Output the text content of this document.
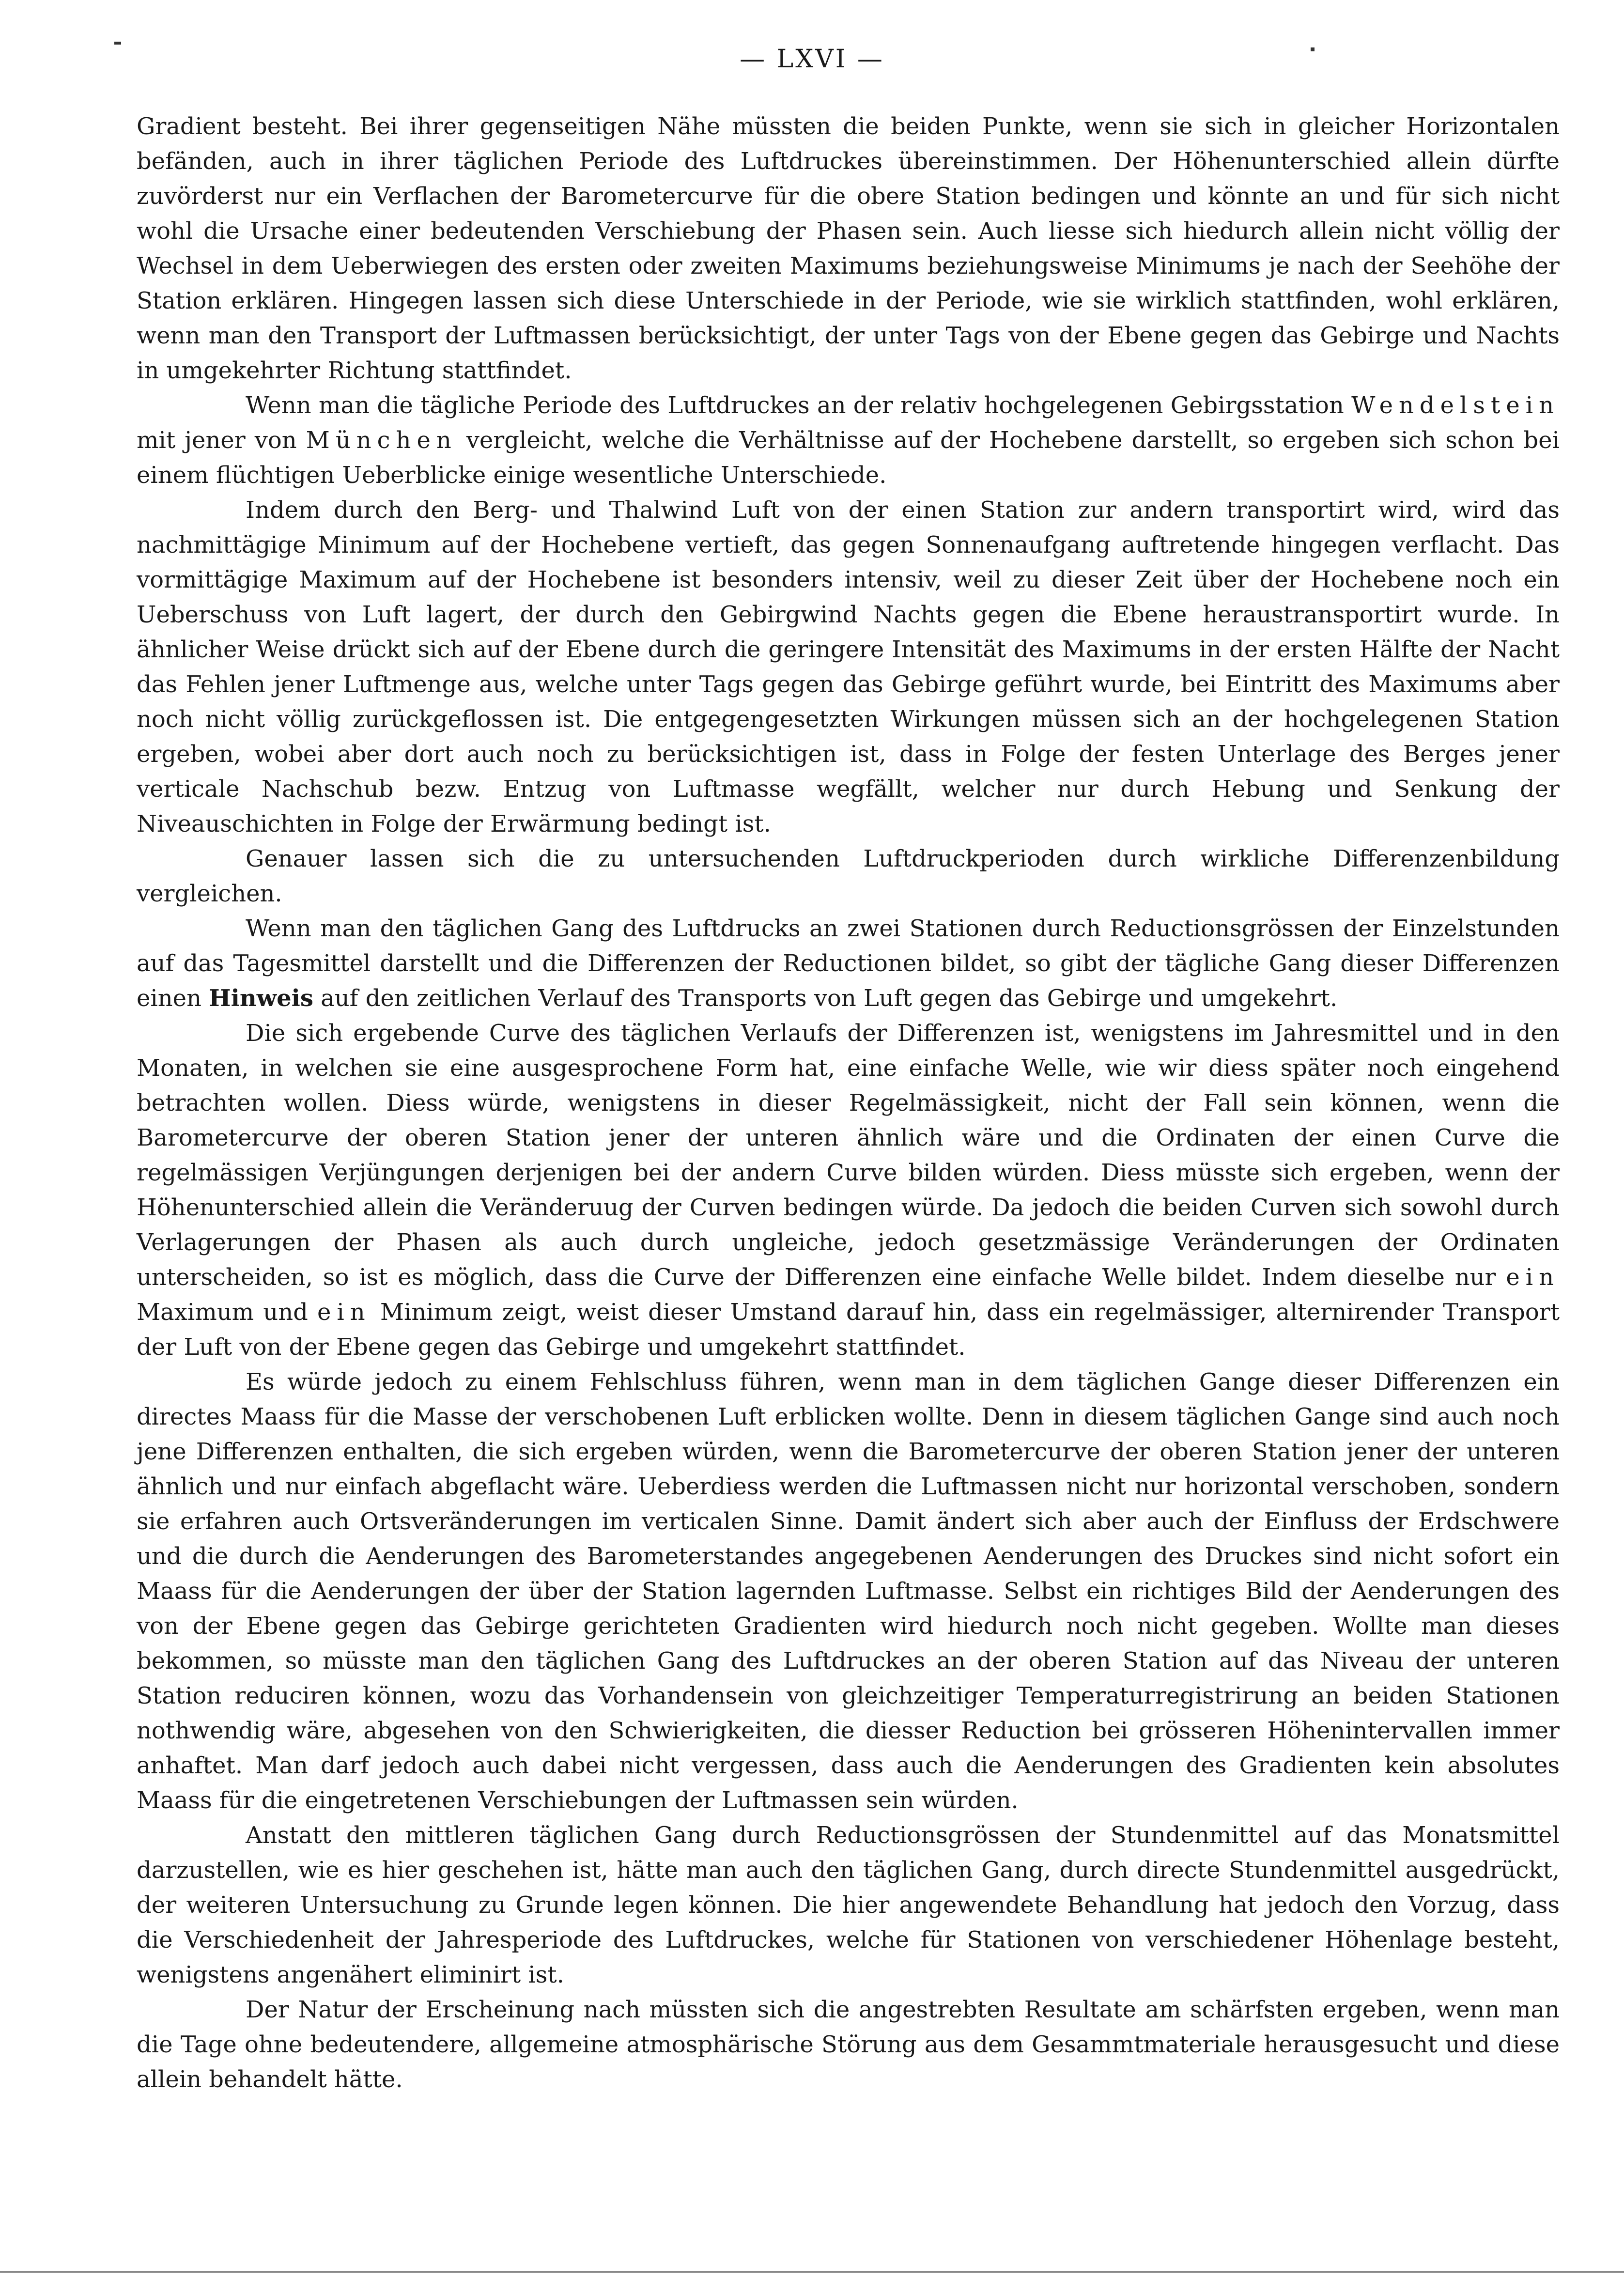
— LXVI —

Gradient besteht. Bei ihrer gegenseitigen Nähe müssten die beiden Punkte, wenn sie sich in gleicher Horizontalen befänden, auch in ihrer täglichen Periode des Luftdruckes übereinstimmen. Der Höhenunterschied allein dürfte zuvörderst nur ein Verflachen der Barometercurve für die obere Station bedingen und könnte an und für sich nicht wohl die Ursache einer bedeutenden Verschiebung der Phasen sein. Auch liesse sich hiedurch allein nicht völlig der Wechsel in dem Ueberwiegen des ersten oder zweiten Maximums beziehungsweise Minimums je nach der Seehöhe der Station erklären. Hingegen lassen sich diese Unterschiede in der Periode, wie sie wirklich stattfinden, wohl erklären, wenn man den Transport der Luftmassen berücksichtigt, der unter Tags von der Ebene gegen das Gebirge und Nachts in umgekehrter Richtung stattfindet.

Wenn man die tägliche Periode des Luftdruckes an der relativ hochgelegenen Gebirgsstation Wendelstein mit jener von München vergleicht, welche die Verhältnisse auf der Hochebene darstellt, so ergeben sich schon bei einem flüchtigen Ueberblicke einige wesentliche Unterschiede.

Indem durch den Berg- und Thalwind Luft von der einen Station zur andern transportirt wird, wird das nachmittägige Minimum auf der Hochebene vertieft, das gegen Sonnenaufgang auftretende hingegen verflacht. Das vormittägige Maximum auf der Hochebene ist besonders intensiv, weil zu dieser Zeit über der Hochebene noch ein Ueberschuss von Luft lagert, der durch den Gebirgwind Nachts gegen die Ebene heraustransportirt wurde. In ähnlicher Weise drückt sich auf der Ebene durch die geringere Intensität des Maximums in der ersten Hälfte der Nacht das Fehlen jener Luftmenge aus, welche unter Tags gegen das Gebirge geführt wurde, bei Eintritt des Maximums aber noch nicht völlig zurückgeflossen ist. Die entgegengesetzten Wirkungen müssen sich an der hochgelegenen Station ergeben, wobei aber dort auch noch zu berücksichtigen ist, dass in Folge der festen Unterlage des Berges jener verticale Nachschub bezw. Entzug von Luftmasse wegfällt, welcher nur durch Hebung und Senkung der Niveauschichten in Folge der Erwärmung bedingt ist.

Genauer lassen sich die zu untersuchenden Luftdruckperioden durch wirkliche Differenzenbildung vergleichen.

Wenn man den täglichen Gang des Luftdrucks an zwei Stationen durch Reductionsgrössen der Einzelstunden auf das Tagesmittel darstellt und die Differenzen der Reductionen bildet, so gibt der tägliche Gang dieser Differenzen einen Hinweis auf den zeitlichen Verlauf des Transports von Luft gegen das Gebirge und umgekehrt.

Die sich ergebende Curve des täglichen Verlaufs der Differenzen ist, wenigstens im Jahresmittel und in den Monaten, in welchen sie eine ausgesprochene Form hat, eine einfache Welle, wie wir diess später noch eingehend betrachten wollen. Diess würde, wenigstens in dieser Regelmässigkeit, nicht der Fall sein können, wenn die Barometercurve der oberen Station jener der unteren ähnlich wäre und die Ordinaten der einen Curve die regelmässigen Verjüngungen derjenigen bei der andern Curve bilden würden. Diess müsste sich ergeben, wenn der Höhenunterschied allein die Veränderuug der Curven bedingen würde. Da jedoch die beiden Curven sich sowohl durch Verlagerungen der Phasen als auch durch ungleiche, jedoch gesetzmässige Veränderungen der Ordinaten unterscheiden, so ist es möglich, dass die Curve der Differenzen eine einfache Welle bildet. Indem dieselbe nur ein Maximum und ein Minimum zeigt, weist dieser Umstand darauf hin, dass ein regelmässiger, alternirender Transport der Luft von der Ebene gegen das Gebirge und umgekehrt stattfindet.

Es würde jedoch zu einem Fehlschluss führen, wenn man in dem täglichen Gange dieser Differenzen ein directes Maass für die Masse der verschobenen Luft erblicken wollte. Denn in diesem täglichen Gange sind auch noch jene Differenzen enthalten, die sich ergeben würden, wenn die Barometercurve der oberen Station jener der unteren ähnlich und nur einfach abgeflacht wäre. Ueberdiess werden die Luftmassen nicht nur horizontal verschoben, sondern sie erfahren auch Ortsveränderungen im verticalen Sinne. Damit ändert sich aber auch der Einfluss der Erdschwere und die durch die Aenderungen des Barometerstandes angegebenen Aenderungen des Druckes sind nicht sofort ein Maass für die Aenderungen der über der Station lagernden Luftmasse. Selbst ein richtiges Bild der Aenderungen des von der Ebene gegen das Gebirge gerichteten Gradienten wird hiedurch noch nicht gegeben. Wollte man dieses bekommen, so müsste man den täglichen Gang des Luftdruckes an der oberen Station auf das Niveau der unteren Station reduciren können, wozu das Vorhandensein von gleichzeitiger Temperaturregistrirung an beiden Stationen nothwendig wäre, abgesehen von den Schwierigkeiten, die diesser Reduction bei grösseren Höhenintervallen immer anhaftet. Man darf jedoch auch dabei nicht vergessen, dass auch die Aenderungen des Gradienten kein absolutes Maass für die eingetretenen Verschiebungen der Luftmassen sein würden.

Anstatt den mittleren täglichen Gang durch Reductionsgrössen der Stundenmittel auf das Monatsmittel darzustellen, wie es hier geschehen ist, hätte man auch den täglichen Gang, durch directe Stundenmittel ausgedrückt, der weiteren Untersuchung zu Grunde legen können. Die hier angewendete Behandlung hat jedoch den Vorzug, dass die Verschiedenheit der Jahresperiode des Luftdruckes, welche für Stationen von verschiedener Höhenlage besteht, wenigstens angenähert eliminirt ist.

Der Natur der Erscheinung nach müssten sich die angestrebten Resultate am schärfsten ergeben, wenn man die Tage ohne bedeutendere, allgemeine atmosphärische Störung aus dem Gesammtmateriale herausgesucht und diese allein behandelt hätte.
